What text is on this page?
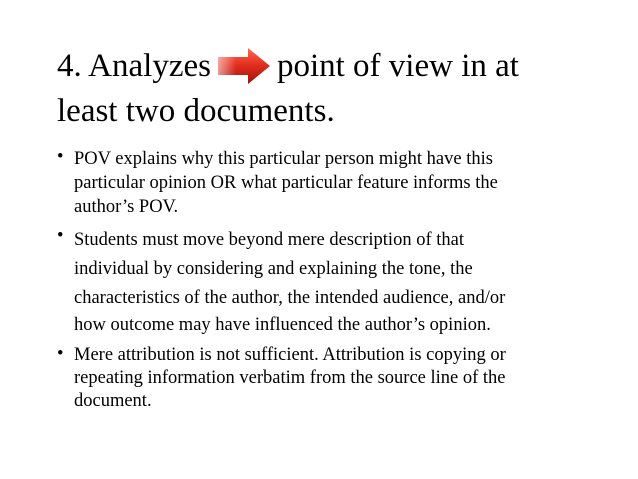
4. Analyzes point of view in at
least two documents.
• POV explains why this particular person might have this
particular opinion OR what particular feature informs the
author’s POV.
• Students must move beyond mere description of that
individual by considering and explaining the tone, the
characteristics of the author, the intended audience, and/or
how outcome may have influenced the author’s opinion.
• Mere attribution is not sufficient. Attribution is copying or
repeating information verbatim from the source line of the
document.
